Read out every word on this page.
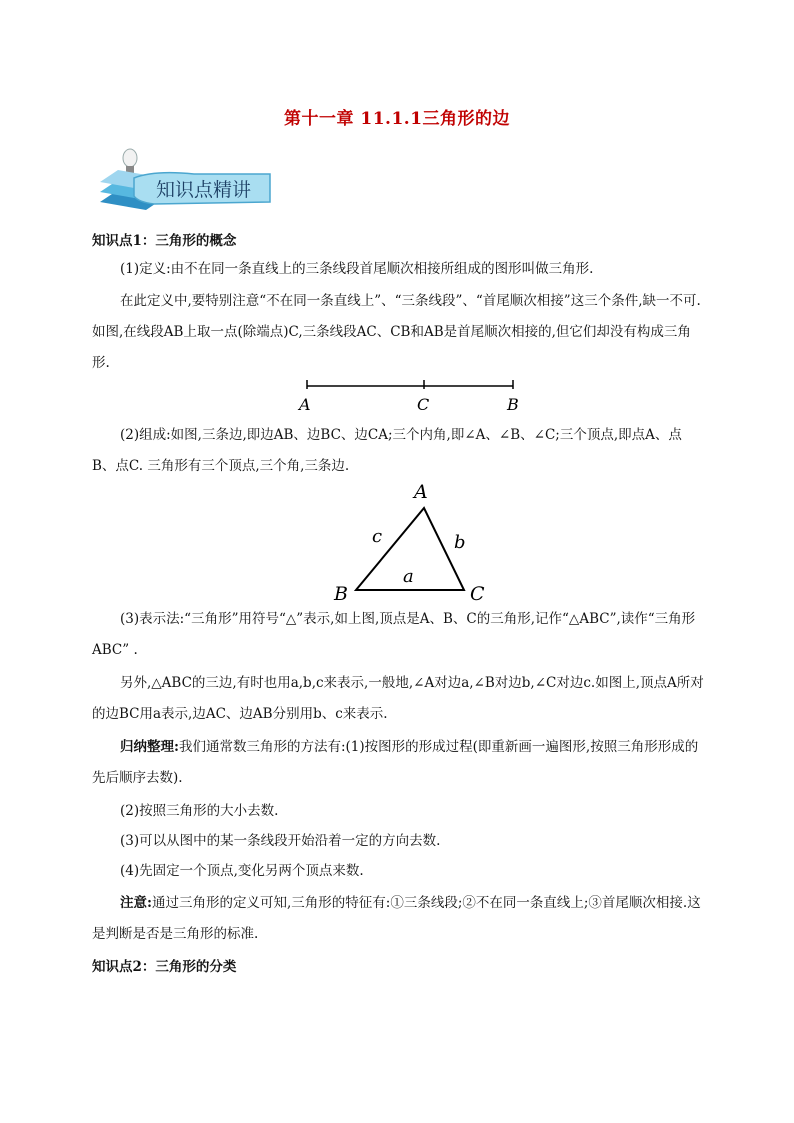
第十一章 11.1.1三角形的边
知识点精讲

知识点1：三角形的概念

(1)定义:由不在同一条直线上的三条线段首尾顺次相接所组成的图形叫做三角形.

在此定义中,要特别注意“不在同一条直线上”、“三条线段”、“首尾顺次相接”这三个条件,缺一不可. 如图,在线段AB上取一点(除端点)C,三条线段AC、CB和AB是首尾顺次相接的,但它们却没有构成三角形.

A	C	B

(2)组成:如图,三条边,即边AB、边BC、边CA;三个内角,即∠A、∠B、∠C;三个顶点,即点A、点B、点C. 三角形有三个顶点,三个角,三条边.

A
B	C
c	b
a

(3)表示法:“三角形”用符号“△”表示,如上图,顶点是A、B、C的三角形,记作“△ABC”,读作“三角形ABC” .

另外,△ABC的三边,有时也用a,b,c来表示,一般地,∠A对边a,∠B对边b,∠C对边c.如图上,顶点A所对的边BC用a表示,边AC、边AB分别用b、c来表示.

归纳整理:我们通常数三角形的方法有:(1)按图形的形成过程(即重新画一遍图形,按照三角形形成的先后顺序去数).

(2)按照三角形的大小去数.

(3)可以从图中的某一条线段开始沿着一定的方向去数.

(4)先固定一个顶点,变化另两个顶点来数.

注意:通过三角形的定义可知,三角形的特征有:①三条线段;②不在同一条直线上;③首尾顺次相接.这是判断是否是三角形的标准.

知识点2：三角形的分类
